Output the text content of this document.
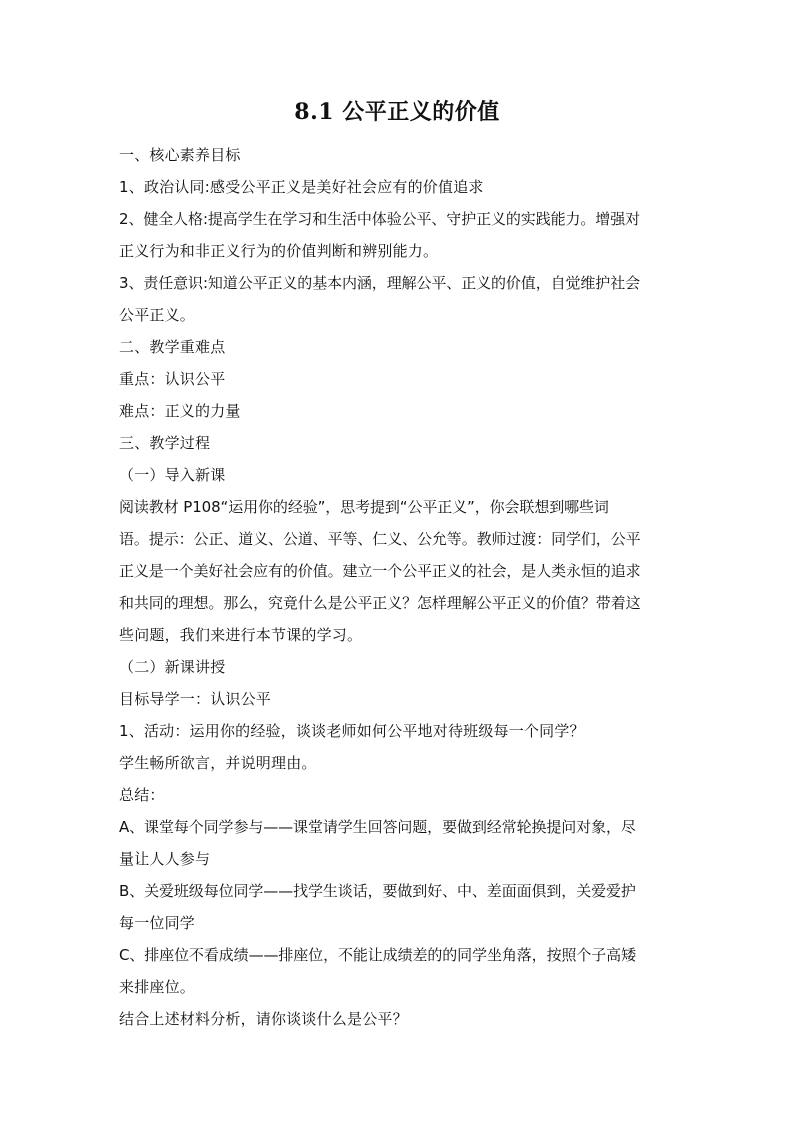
8.1 公平正义的价值
一、核心素养目标
1、政治认同:感受公平正义是美好社会应有的价值追求
2、健全人格:提高学生在学习和生活中体验公平、守护正义的实践能力。增强对
正义行为和非正义行为的价值判断和辨别能力。
3、责任意识:知道公平正义的基本内涵，理解公平、正义的价值，自觉维护社会
公平正义。
二、教学重难点
重点：认识公平
难点：正义的力量
三、教学过程
（一）导入新课
阅读教材 P108“运用你的经验”，思考提到“公平正义”，你会联想到哪些词
语。提示：公正、道义、公道、平等、仁义、公允等。教师过渡：同学们，公平
正义是一个美好社会应有的价值。建立一个公平正义的社会，是人类永恒的追求
和共同的理想。那么，究竟什么是公平正义？怎样理解公平正义的价值？带着这
些问题，我们来进行本节课的学习。
（二）新课讲授
目标导学一：认识公平
1、活动：运用你的经验，谈谈老师如何公平地对待班级每一个同学？
学生畅所欲言，并说明理由。
总结：
A、课堂每个同学参与——课堂请学生回答问题，要做到经常轮换提问对象，尽
量让人人参与
B、关爱班级每位同学——找学生谈话，要做到好、中、差面面俱到，关爱爱护
每一位同学
C、排座位不看成绩——排座位，不能让成绩差的的同学坐角落，按照个子高矮
来排座位。
结合上述材料分析，请你谈谈什么是公平？
